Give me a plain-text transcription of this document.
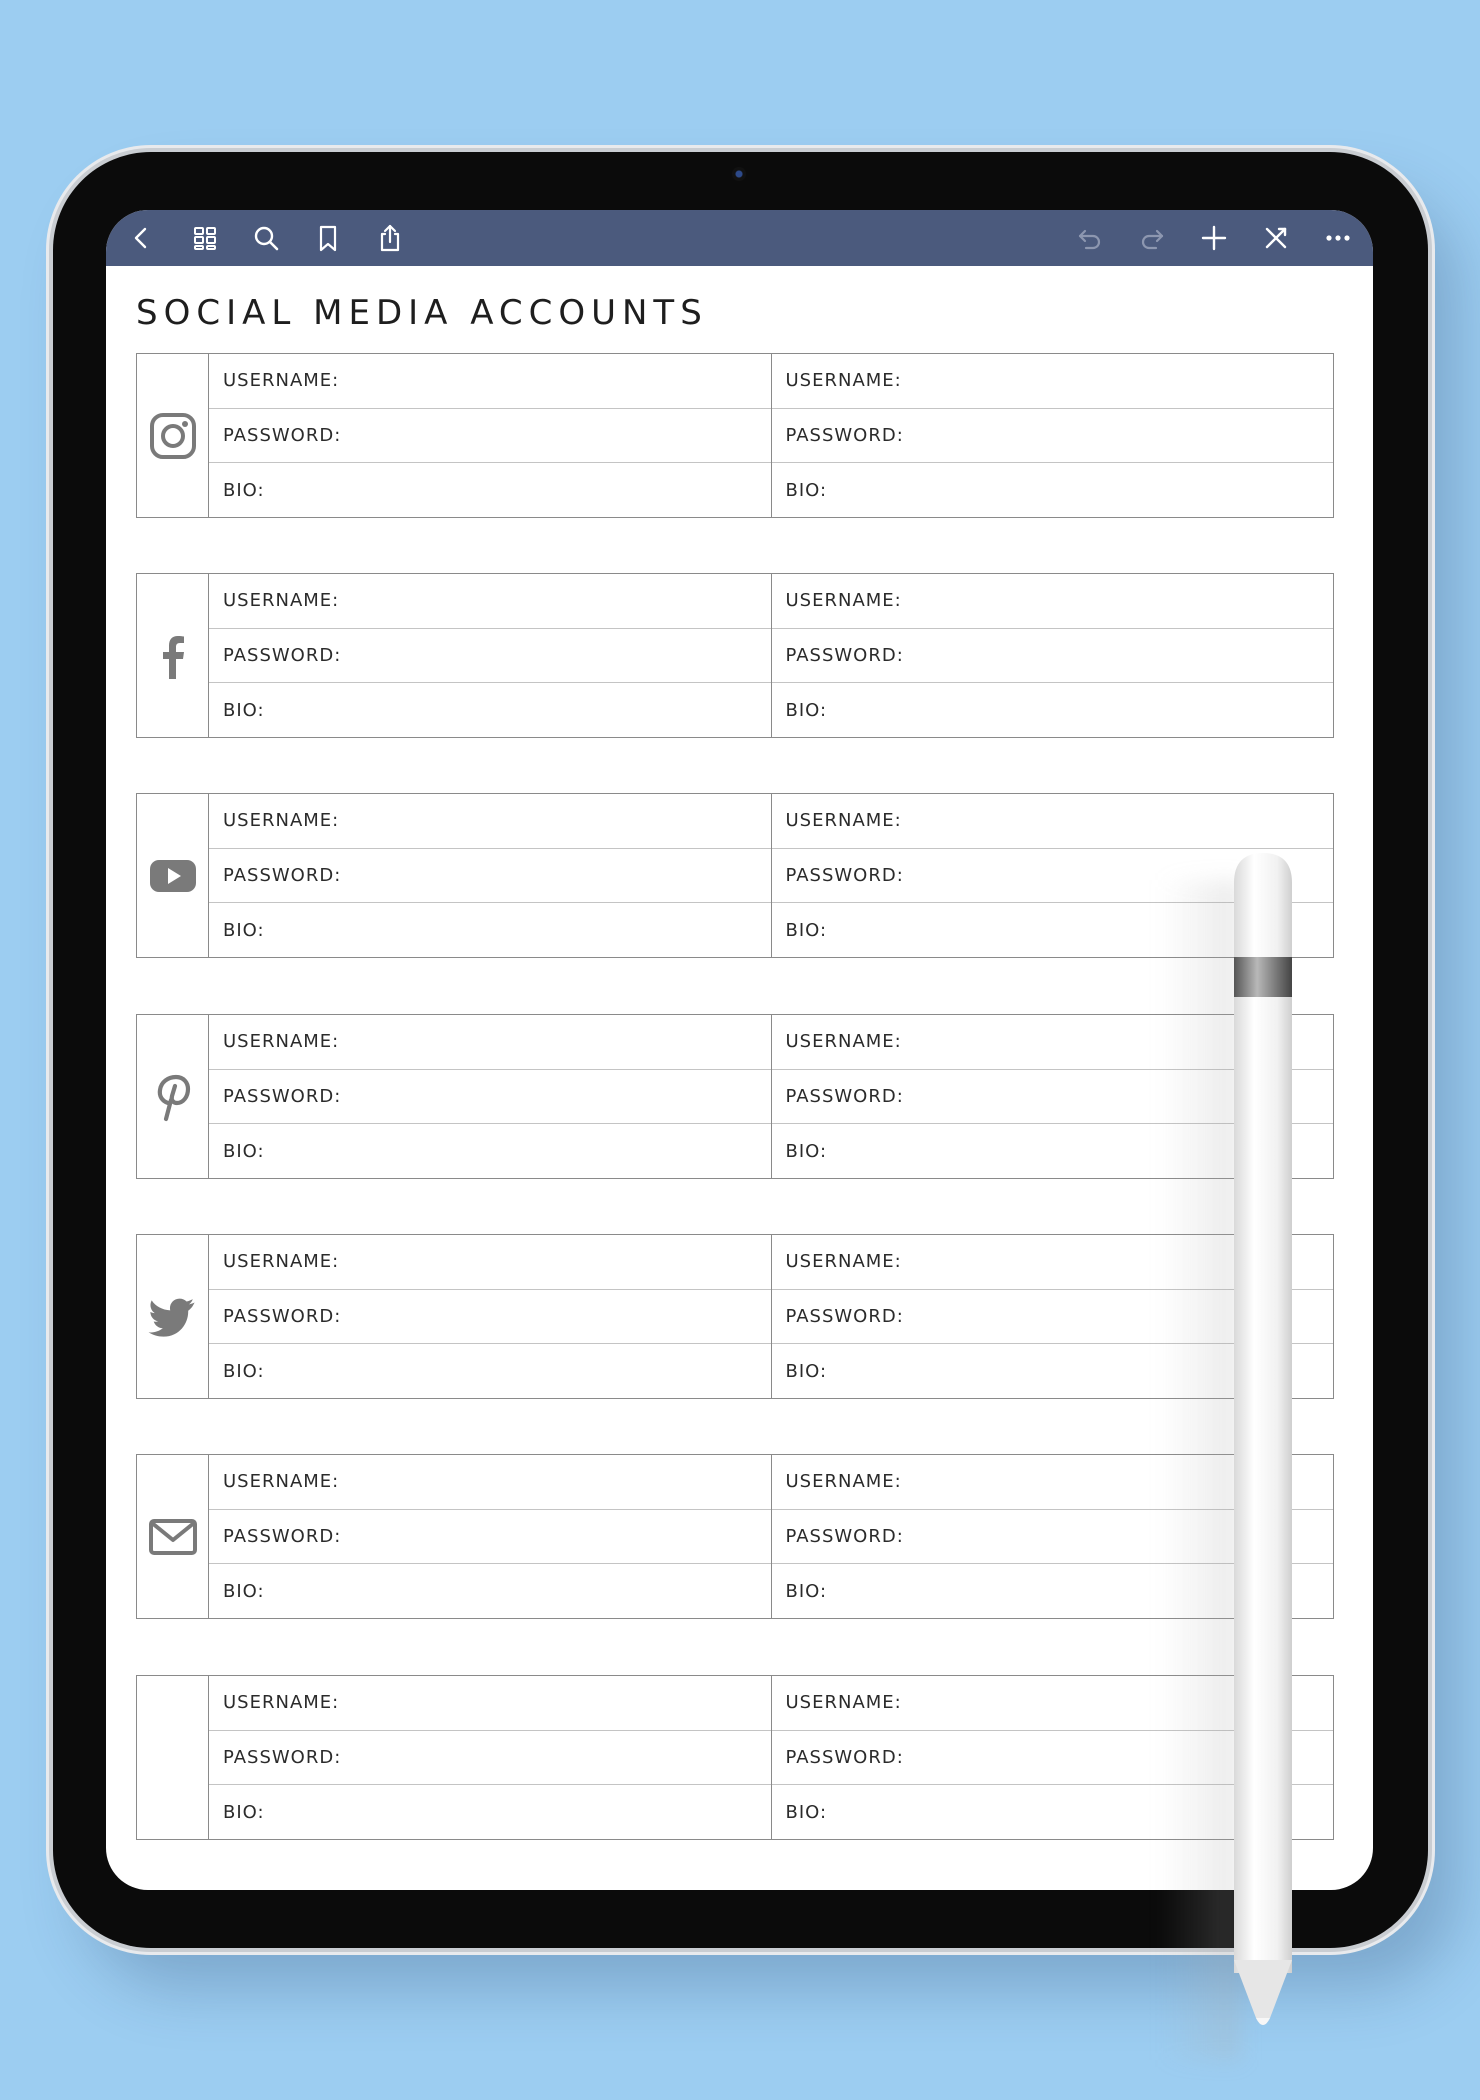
SOCIAL MEDIA ACCOUNTS
USERNAME:
PASSWORD:
BIO:
USERNAME:
PASSWORD:
BIO:
USERNAME:
PASSWORD:
BIO:
USERNAME:
PASSWORD:
BIO:
USERNAME:
PASSWORD:
BIO:
USERNAME:
PASSWORD:
BIO:
USERNAME:
PASSWORD:
BIO:
USERNAME:
PASSWORD:
BIO:
USERNAME:
PASSWORD:
BIO:
USERNAME:
PASSWORD:
BIO:
USERNAME:
PASSWORD:
BIO:
USERNAME:
PASSWORD:
BIO:
USERNAME:
PASSWORD:
BIO:
USERNAME:
PASSWORD:
BIO:
